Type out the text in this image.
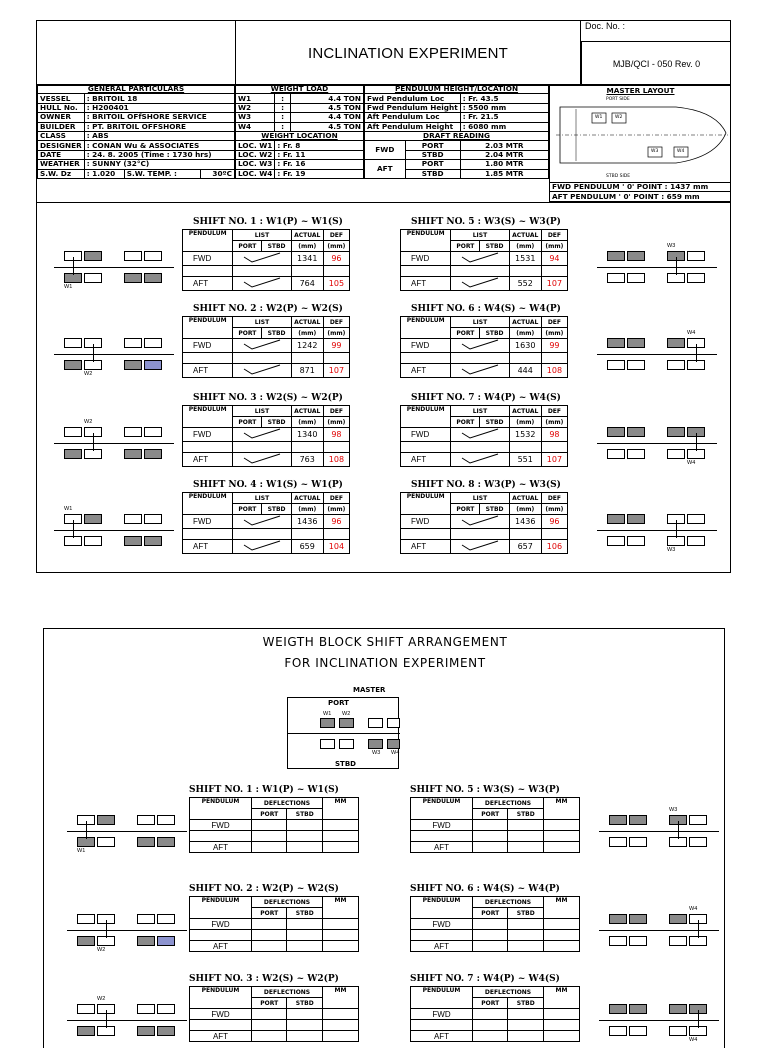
INCLINATION EXPERIMENT
Doc. No. :
MJB/QCI - 050 Rev. 0
GENERAL PARTICULARS			
VESSEL	: BRITOIL 18		
HULL No.	: H200401		
OWNER	: BRITOIL OFfSHORE SERVICE		
BUILDER	: PT. BRITOIL OFFSHORE		
CLASS	: ABS		
DESIGNER	: CONAN Wu & ASSOCIATES		
DATE	: 24. 8. 2005 (Time : 1730 hrs)		
WEATHER	: SUNNY (32°C)		
S.W. Dz	: 1.020	S.W. TEMP. :	30ºC
WEIGHT LOAD		
W1	:	4.4 TON
W2	:	4.5 TON
W3	:	4.4 TON
W4	:	4.5 TON
WEIGHT LOCATION		
LOC. W1	: Fr. 8	
LOC. W2	: Fr. 11	
LOC. W3	: Fr. 16	
LOC. W4	: Fr. 19	
PENDULUM HEIGHT/LOCATION		
Fwd Pendulum Loc		: Fr. 43.5
Fwd Pendulum Height		: 5500 mm
Aft Pendulum Loc		: Fr. 21.5
Aft Pendulum Height		: 6080 mm
DRAFT READING		
FWD	PORT	2.03 MTR
	STBD	2.04 MTR
AFT	PORT	1.80 MTR
	STBD	1.85 MTR
MASTER LAYOUT
PORT SIDE
W1	W2
W3	W4
STBD SIDE
FWD PENDULUM ' 0' POINT : 1437 mm
AFT PENDULUM ' 0' POINT : 659 mm
SHIFT NO. 1 : W1(P) ~ W1(S)
PENDULUM	LIST		ACTUAL	DEF
	PORT	STBD	(mm)	(mm)
FWD			1341	96

AFT			764	105
SHIFT NO. 5 : W3(S) ~ W3(P)
PENDULUM	LIST		ACTUAL	DEF
	PORT	STBD	(mm)	(mm)
FWD			1531	94

AFT			552	107
W1
W3
SHIFT NO. 2 : W2(P) ~ W2(S)
PENDULUM	LIST		ACTUAL	DEF
	PORT	STBD	(mm)	(mm)
FWD			1242	99

AFT			871	107
SHIFT NO. 6 : W4(S) ~ W4(P)
PENDULUM	LIST		ACTUAL	DEF
	PORT	STBD	(mm)	(mm)
FWD			1630	99

AFT			444	108
W2
W4
SHIFT NO. 3 : W2(S) ~ W2(P)
PENDULUM	LIST		ACTUAL	DEF
	PORT	STBD	(mm)	(mm)
FWD			1340	98

AFT			763	108
SHIFT NO. 7 : W4(P) ~ W4(S)
PENDULUM	LIST		ACTUAL	DEF
	PORT	STBD	(mm)	(mm)
FWD			1532	98

AFT			551	107
W2
W4
SHIFT NO. 4 : W1(S) ~ W1(P)
PENDULUM	LIST		ACTUAL	DEF
	PORT	STBD	(mm)	(mm)
FWD			1436	96

AFT			659	104
SHIFT NO. 8 : W3(P) ~ W3(S)
PENDULUM	LIST		ACTUAL	DEF
	PORT	STBD	(mm)	(mm)
FWD			1436	96

AFT			657	106
W1
W3
WEIGTH BLOCK SHIFT ARRANGEMENT
FOR INCLINATION EXPERIMENT
MASTER
PORT
STBD
W1 W2
W3 W4
SHIFT NO. 1 : W1(P) ~ W1(S)
PENDULUM	DEFLECTIONS		MM
	PORT	STBD	
FWD			

AFT			
SHIFT NO. 5 : W3(S) ~ W3(P)
PENDULUM	DEFLECTIONS		MM
	PORT	STBD	
FWD			

AFT			
W1
W3
SHIFT NO. 2 : W2(P) ~ W2(S)
PENDULUM	DEFLECTIONS		MM
	PORT	STBD	
FWD			

AFT			
SHIFT NO. 6 : W4(S) ~ W4(P)
PENDULUM	DEFLECTIONS		MM
	PORT	STBD	
FWD			

AFT			
W2
W4
SHIFT NO. 3 : W2(S) ~ W2(P)
PENDULUM	DEFLECTIONS		MM
	PORT	STBD	
FWD			

AFT			
SHIFT NO. 7 : W4(P) ~ W4(S)
PENDULUM	DEFLECTIONS		MM
	PORT	STBD	
FWD			

AFT			
W2
W4
